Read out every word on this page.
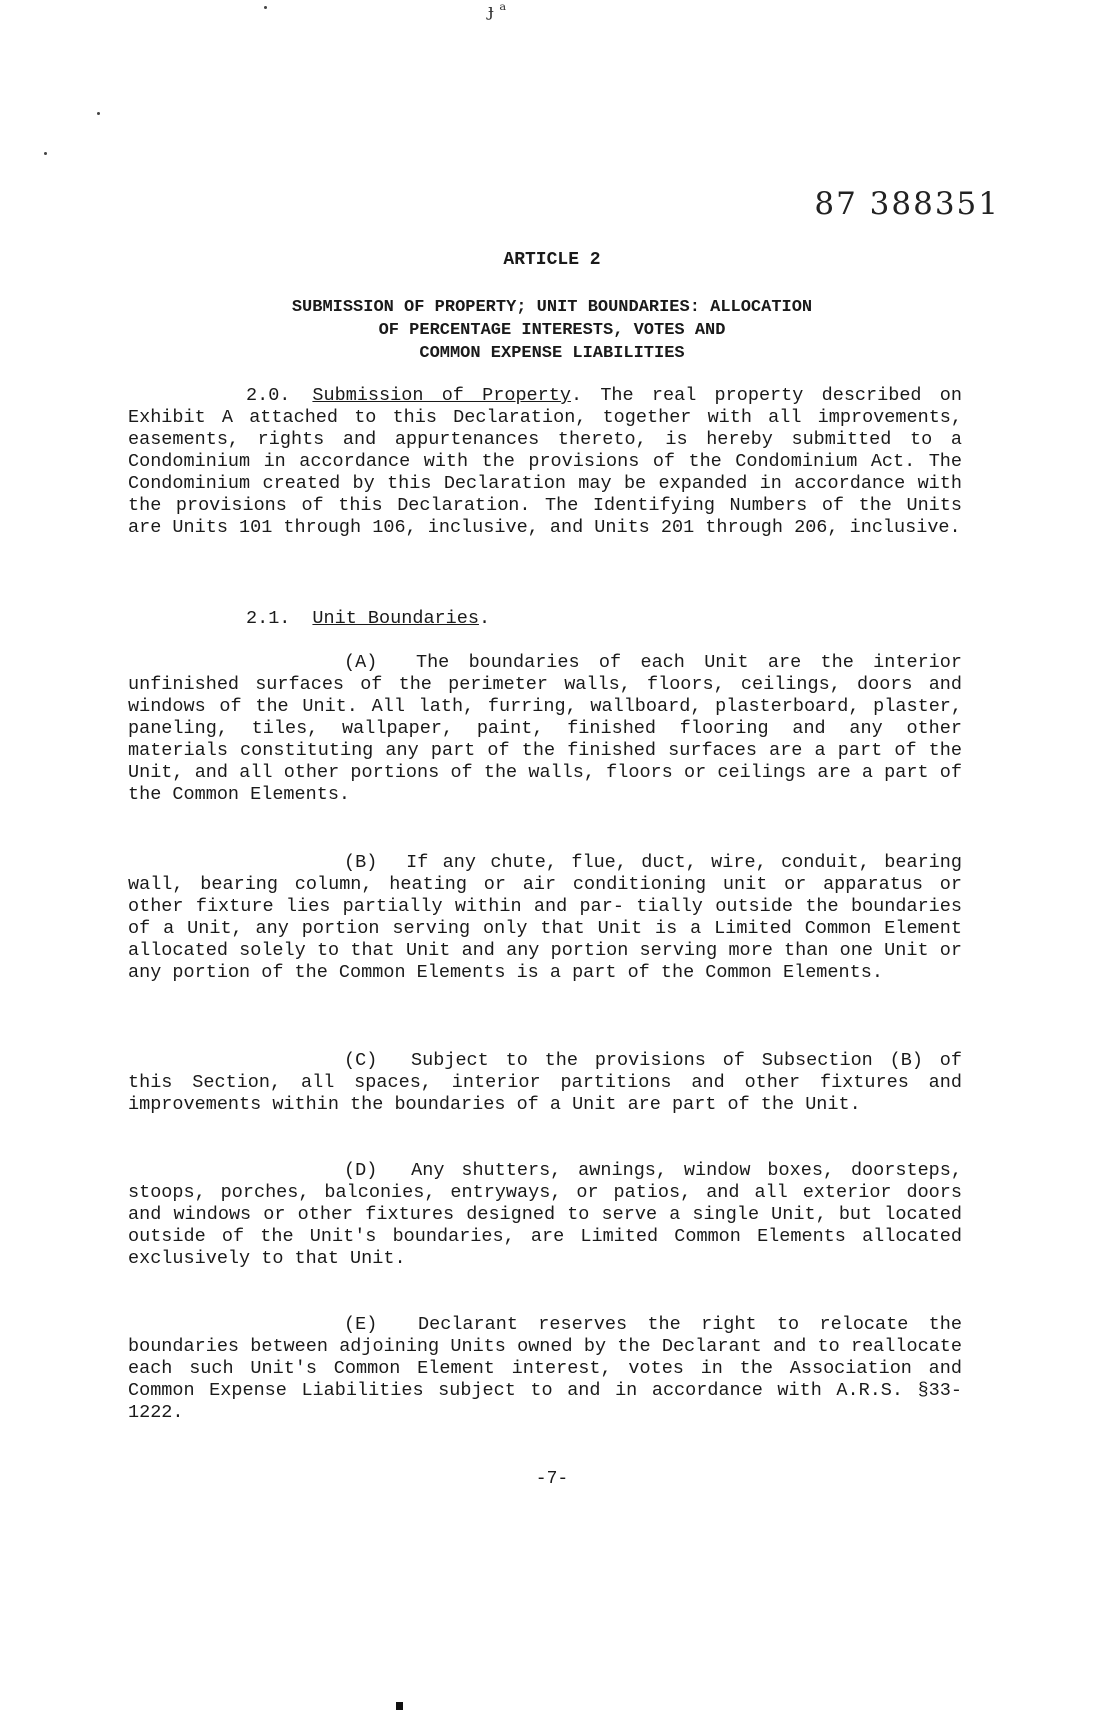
ɟ ᵃ
87 388351
ARTICLE 2
SUBMISSION OF PROPERTY; UNIT BOUNDARIES: ALLOCATION
OF PERCENTAGE INTERESTS, VOTES AND
COMMON EXPENSE LIABILITIES
2.0. Submission of Property. The real property described on Exhibit A attached to this Declaration, together with all improvements, easements, rights and appurtenances thereto, is hereby submitted to a Condominium in accordance with the provisions of the Condominium Act. The Condominium created by this Declaration may be expanded in accordance with the provisions of this Declaration. The Identifying Numbers of the Units are Units 101 through 106, inclusive, and Units 201 through 206, inclusive.
2.1. Unit Boundaries.
(A) The boundaries of each Unit are the interior unfinished surfaces of the perimeter walls, floors, ceilings, doors and windows of the Unit. All lath, furring, wallboard, plasterboard, plaster, paneling, tiles, wallpaper, paint, finished flooring and any other materials constituting any part of the finished surfaces are a part of the Unit, and all other portions of the walls, floors or ceilings are a part of the Common Elements.
(B) If any chute, flue, duct, wire, conduit, bearing wall, bearing column, heating or air conditioning unit or apparatus or other fixture lies partially within and par- tially outside the boundaries of a Unit, any portion serving only that Unit is a Limited Common Element allocated solely to that Unit and any portion serving more than one Unit or any portion of the Common Elements is a part of the Common Elements.
(C) Subject to the provisions of Subsection (B) of this Section, all spaces, interior partitions and other fixtures and improvements within the boundaries of a Unit are part of the Unit.
(D) Any shutters, awnings, window boxes, doorsteps, stoops, porches, balconies, entryways, or patios, and all exterior doors and windows or other fixtures designed to serve a single Unit, but located outside of the Unit's boundaries, are Limited Common Elements allocated exclusively to that Unit.
(E) Declarant reserves the right to relocate the boundaries between adjoining Units owned by the Declarant and to reallocate each such Unit's Common Element interest, votes in the Association and Common Expense Liabilities subject to and in accordance with A.R.S. §33-1222.
-7-
